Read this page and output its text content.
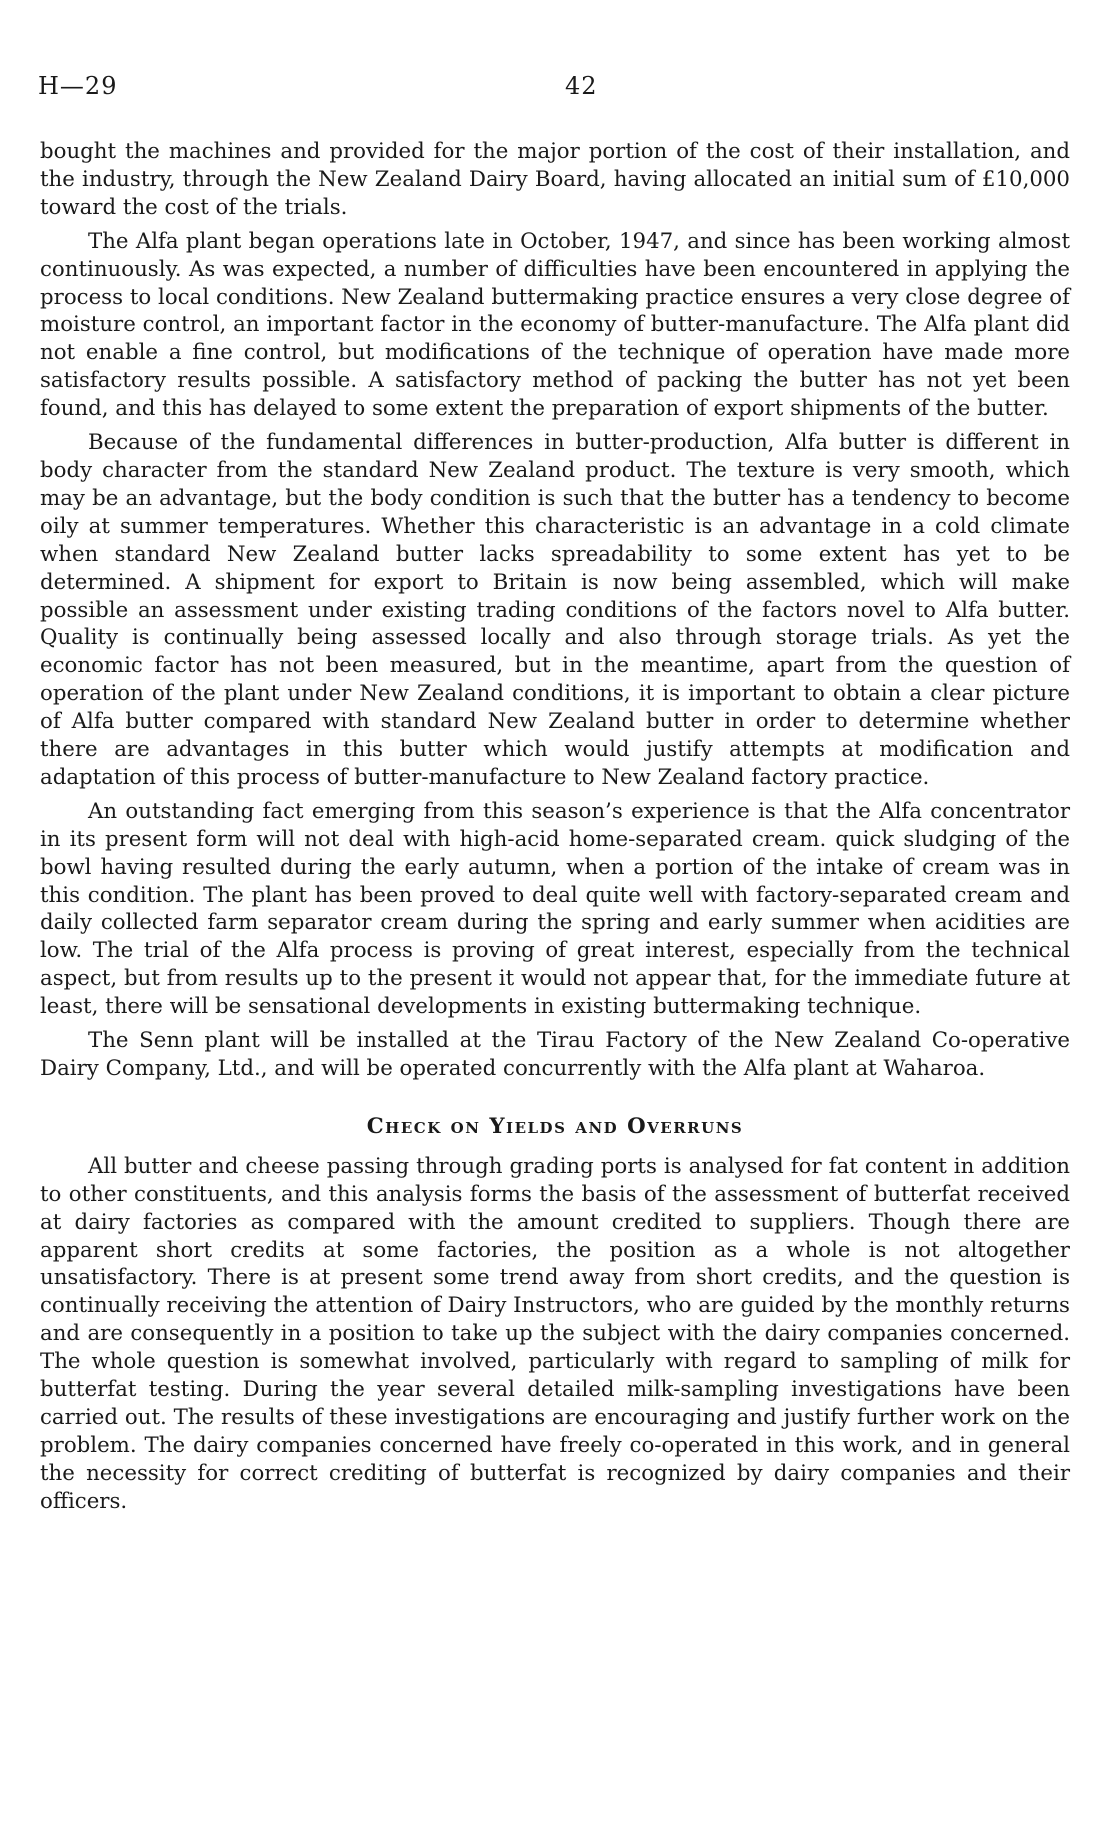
H—29	42

bought the machines and provided for the major portion of the cost of their installation, and the industry, through the New Zealand Dairy Board, having allocated an initial sum of £10,000 toward the cost of the trials.

The Alfa plant began operations late in October, 1947, and since has been working almost continuously. As was expected, a number of difficulties have been encountered in applying the process to local conditions. New Zealand buttermaking practice ensures a very close degree of moisture control, an important factor in the economy of butter-manufacture. The Alfa plant did not enable a fine control, but modifications of the technique of operation have made more satisfactory results possible. A satisfactory method of packing the butter has not yet been found, and this has delayed to some extent the preparation of export shipments of the butter.

Because of the fundamental differences in butter-production, Alfa butter is different in body character from the standard New Zealand product. The texture is very smooth, which may be an advantage, but the body condition is such that the butter has a tendency to become oily at summer temperatures. Whether this characteristic is an advantage in a cold climate when standard New Zealand butter lacks spreadability to some extent has yet to be determined. A shipment for export to Britain is now being assembled, which will make possible an assessment under existing trading conditions of the factors novel to Alfa butter. Quality is continually being assessed locally and also through storage trials. As yet the economic factor has not been measured, but in the meantime, apart from the question of operation of the plant under New Zealand conditions, it is important to obtain a clear picture of Alfa butter compared with standard New Zealand butter in order to determine whether there are advantages in this butter which would justify attempts at modification and adaptation of this process of butter-manufacture to New Zealand factory practice.

An outstanding fact emerging from this season’s experience is that the Alfa concentrator in its present form will not deal with high-acid home-separated cream. quick sludging of the bowl having resulted during the early autumn, when a portion of the intake of cream was in this condition. The plant has been proved to deal quite well with factory-separated cream and daily collected farm separator cream during the spring and early summer when acidities are low. The trial of the Alfa process is proving of great interest, especially from the technical aspect, but from results up to the present it would not appear that, for the immediate future at least, there will be sensational developments in existing buttermaking technique.

The Senn plant will be installed at the Tirau Factory of the New Zealand Co-operative Dairy Company, Ltd., and will be operated concurrently with the Alfa plant at Waharoa.

Check on Yields and Overruns

All butter and cheese passing through grading ports is analysed for fat content in addition to other constituents, and this analysis forms the basis of the assessment of butterfat received at dairy factories as compared with the amount credited to suppliers. Though there are apparent short credits at some factories, the position as a whole is not altogether unsatisfactory. There is at present some trend away from short credits, and the question is continually receiving the attention of Dairy Instructors, who are guided by the monthly returns and are consequently in a position to take up the subject with the dairy companies concerned. The whole question is somewhat involved, particularly with regard to sampling of milk for butterfat testing. During the year several detailed milk-sampling investigations have been carried out. The results of these investigations are encouraging and justify further work on the problem. The dairy companies concerned have freely co-operated in this work, and in general the necessity for correct crediting of butterfat is recognized by dairy companies and their officers.
